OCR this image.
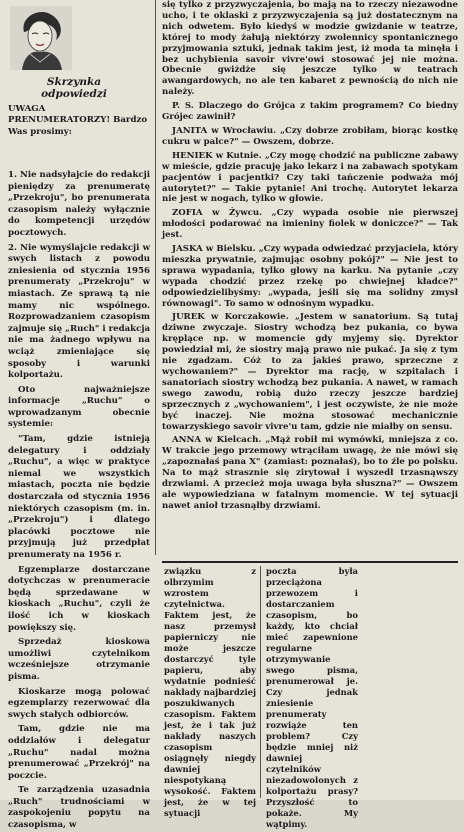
Skrzynka
odpowiedzi
UWAGA PRENUMERATORZY! Bardzo Was prosimy:

1. Nie nadsyłajcie do redakcji pieniędzy za prenumeratę „Przekroju", bo prenumerata czasopism należy wyłącznie do kompetencji urzędów pocztowych.

2. Nie wymyślajcie redakcji w swych listach z powodu zniesienia od stycznia 1956 prenumeraty „Przekroju" w miastach. Ze sprawą tą nie mamy nic wspólnego. Rozprowadzaniem czasopism zajmuje się „Ruch" i redakcja nie ma żadnego wpływu na wciąż zmieniające się sposoby i warunki kolportażu.

Oto najważniejsze informacje „Ruchu" o wprowadzanym obecnie systemie:

"Tam, gdzie istnieją delegatury i oddziały „Ruchu", a więc w praktyce niemal we wszystkich miastach, poczta nie będzie dostarczała od stycznia 1956 niektórych czasopism (m. in. „Przekroju") i dlatego placówki pocztowe nie przyjmują już przedpłat prenumeraty na 1956 r.

Egzemplarze dostarczane dotychczas w prenumeracie będą sprzedawane w kioskach „Ruchu", czyli że ilość ich w kioskach powiększy się.

Sprzedaż kioskowa umożliwi czytelnikom wcześniejsze otrzymanie pisma.

Kioskarze mogą polować egzemplarzy rezerwować dla swych stałych odbiorców.

Tam, gdzie nie ma oddziałów i delegatur „Ruchu" nadal można prenumerować „Przekrój" na poczcie.

Te zarządzenia uzasadnia „Ruch" trudnościami w zaspokojeniu popytu na czasopisma, w

się tylko z przyzwyczajenia, bo mają na to rzeczy niezawodne ucho, i te oklaski z przyzwyczajenia są już dostatecznym na nich odwetem. Było kiedyś w modzie gwizdanie w teatrze, której to mody żałują niektórzy zwolennicy spontanicznego przyjmowania sztuki, jednak takim jest, iż moda ta minęła i bez uchybienia savoir vivre'owi stosować jej nie można. Obecnie gwiżdże się jeszcze tylko w teatrach awangardowych, no ale ten kabaret z pewnością do nich nie należy.

P. S. Dlaczego do Grójca z takim programem? Co biedny Grójec zawinił?

JANITA w Wrocławiu. „Czy dobrze zrobiłam, biorąc kostkę cukru w palce?" — Owszem, dobrze.

HENIEK w Kutnie. „Czy mogę chodzić na publiczne zabawy w mieście, gdzie pracuję jako lekarz i na zabawach spotykam pacjentów i pacjentki? Czy taki tańczenie podważa mój autorytet?" — Takie pytanie! Ani trochę. Autorytet lekarza nie jest w nogach, tylko w głowie.

ZOFIA w Żywcu. „Czy wypada osobie nie pierwszej młodości podarować na imieniny fiolek w doniczce?" — Tak jest.

JASKA w Bielsku. „Czy wypada odwiedzać przyjaciela, który mieszka prywatnie, zajmując osobny pokój?" — Nie jest to sprawa wypadania, tylko głowy na karku. Na pytanie „czy wypada chodzić przez rzekę po chwiejnej kładce?" odpowiedzielibyśmy: „wypada, jeśli się ma solidny zmysł równowagi". To samo w odnośnym wypadku.

JUREK w Korczakowie. „Jestem w sanatorium. Są tutaj dziwne zwyczaje. Siostry wchodzą bez pukania, co bywa kręplące np. w momencie gdy myjemy się. Dyrektor powiedział mi, że siostry mają prawo nie pukać. Ja się z tym nie zgadzam. Cóż to za jakieś prawo, sprzeczne z wychowaniem?" — Dyrektor ma rację, w szpitalach i sanatoriach siostry wchodzą bez pukania. A nawet, w ramach swego zawodu, robią dużo rzeczy jeszcze bardziej sprzecznych z „wychowaniem", i jest oczywiste, że nie może być inaczej. Nie można stosować mechanicznie towarzyskiego savoir vivre'u tam, gdzie nie miałby on sensu.

ANNA w Kielcach. „Mąż robił mi wymówki, mniejsza z co. W trakcie jego przemowy wtrąciłam uwagę, że nie mówi się „zapoznałaś pana X" (zamiast: poznałaś), bo to źle po polsku. Na to mąż strasznie się zirytował i wyszedł trzasnąwszy drzwiami. A przecież moja uwaga była słuszna?" — Owszem ale wypowiedziana w fatalnym momencie. W tej sytuacji nawet anioł trzasnąłby drzwiami.

związku z olbrzymim wzrostem czytelnictwa. Faktem jest, że nasz przemysł papierniczy nie może jeszcze dostarczyć tyle papieru, aby wydatnie podnieść nakłady najbardziej poszukiwanych czasopism. Faktem jest, że i tak już nakłady naszych czasopism osiągnęły niegdy dawniej niespotykaną wysokość. Faktem jest, że w tej sytuacji

poczta była przeciążona przewozem i dostarczaniem czasopism, bo każdy, kto chciał mieć zapewnione regularne otrzymywanie swego pisma, prenumerował je. Czy jednak zniesienie prenumeraty rozwiąże ten problem? Czy będzie mniej niż dawniej czytelników niezadowolonych z kolportażu prasy? Przyszłość to pokaże. My wątpimy.
